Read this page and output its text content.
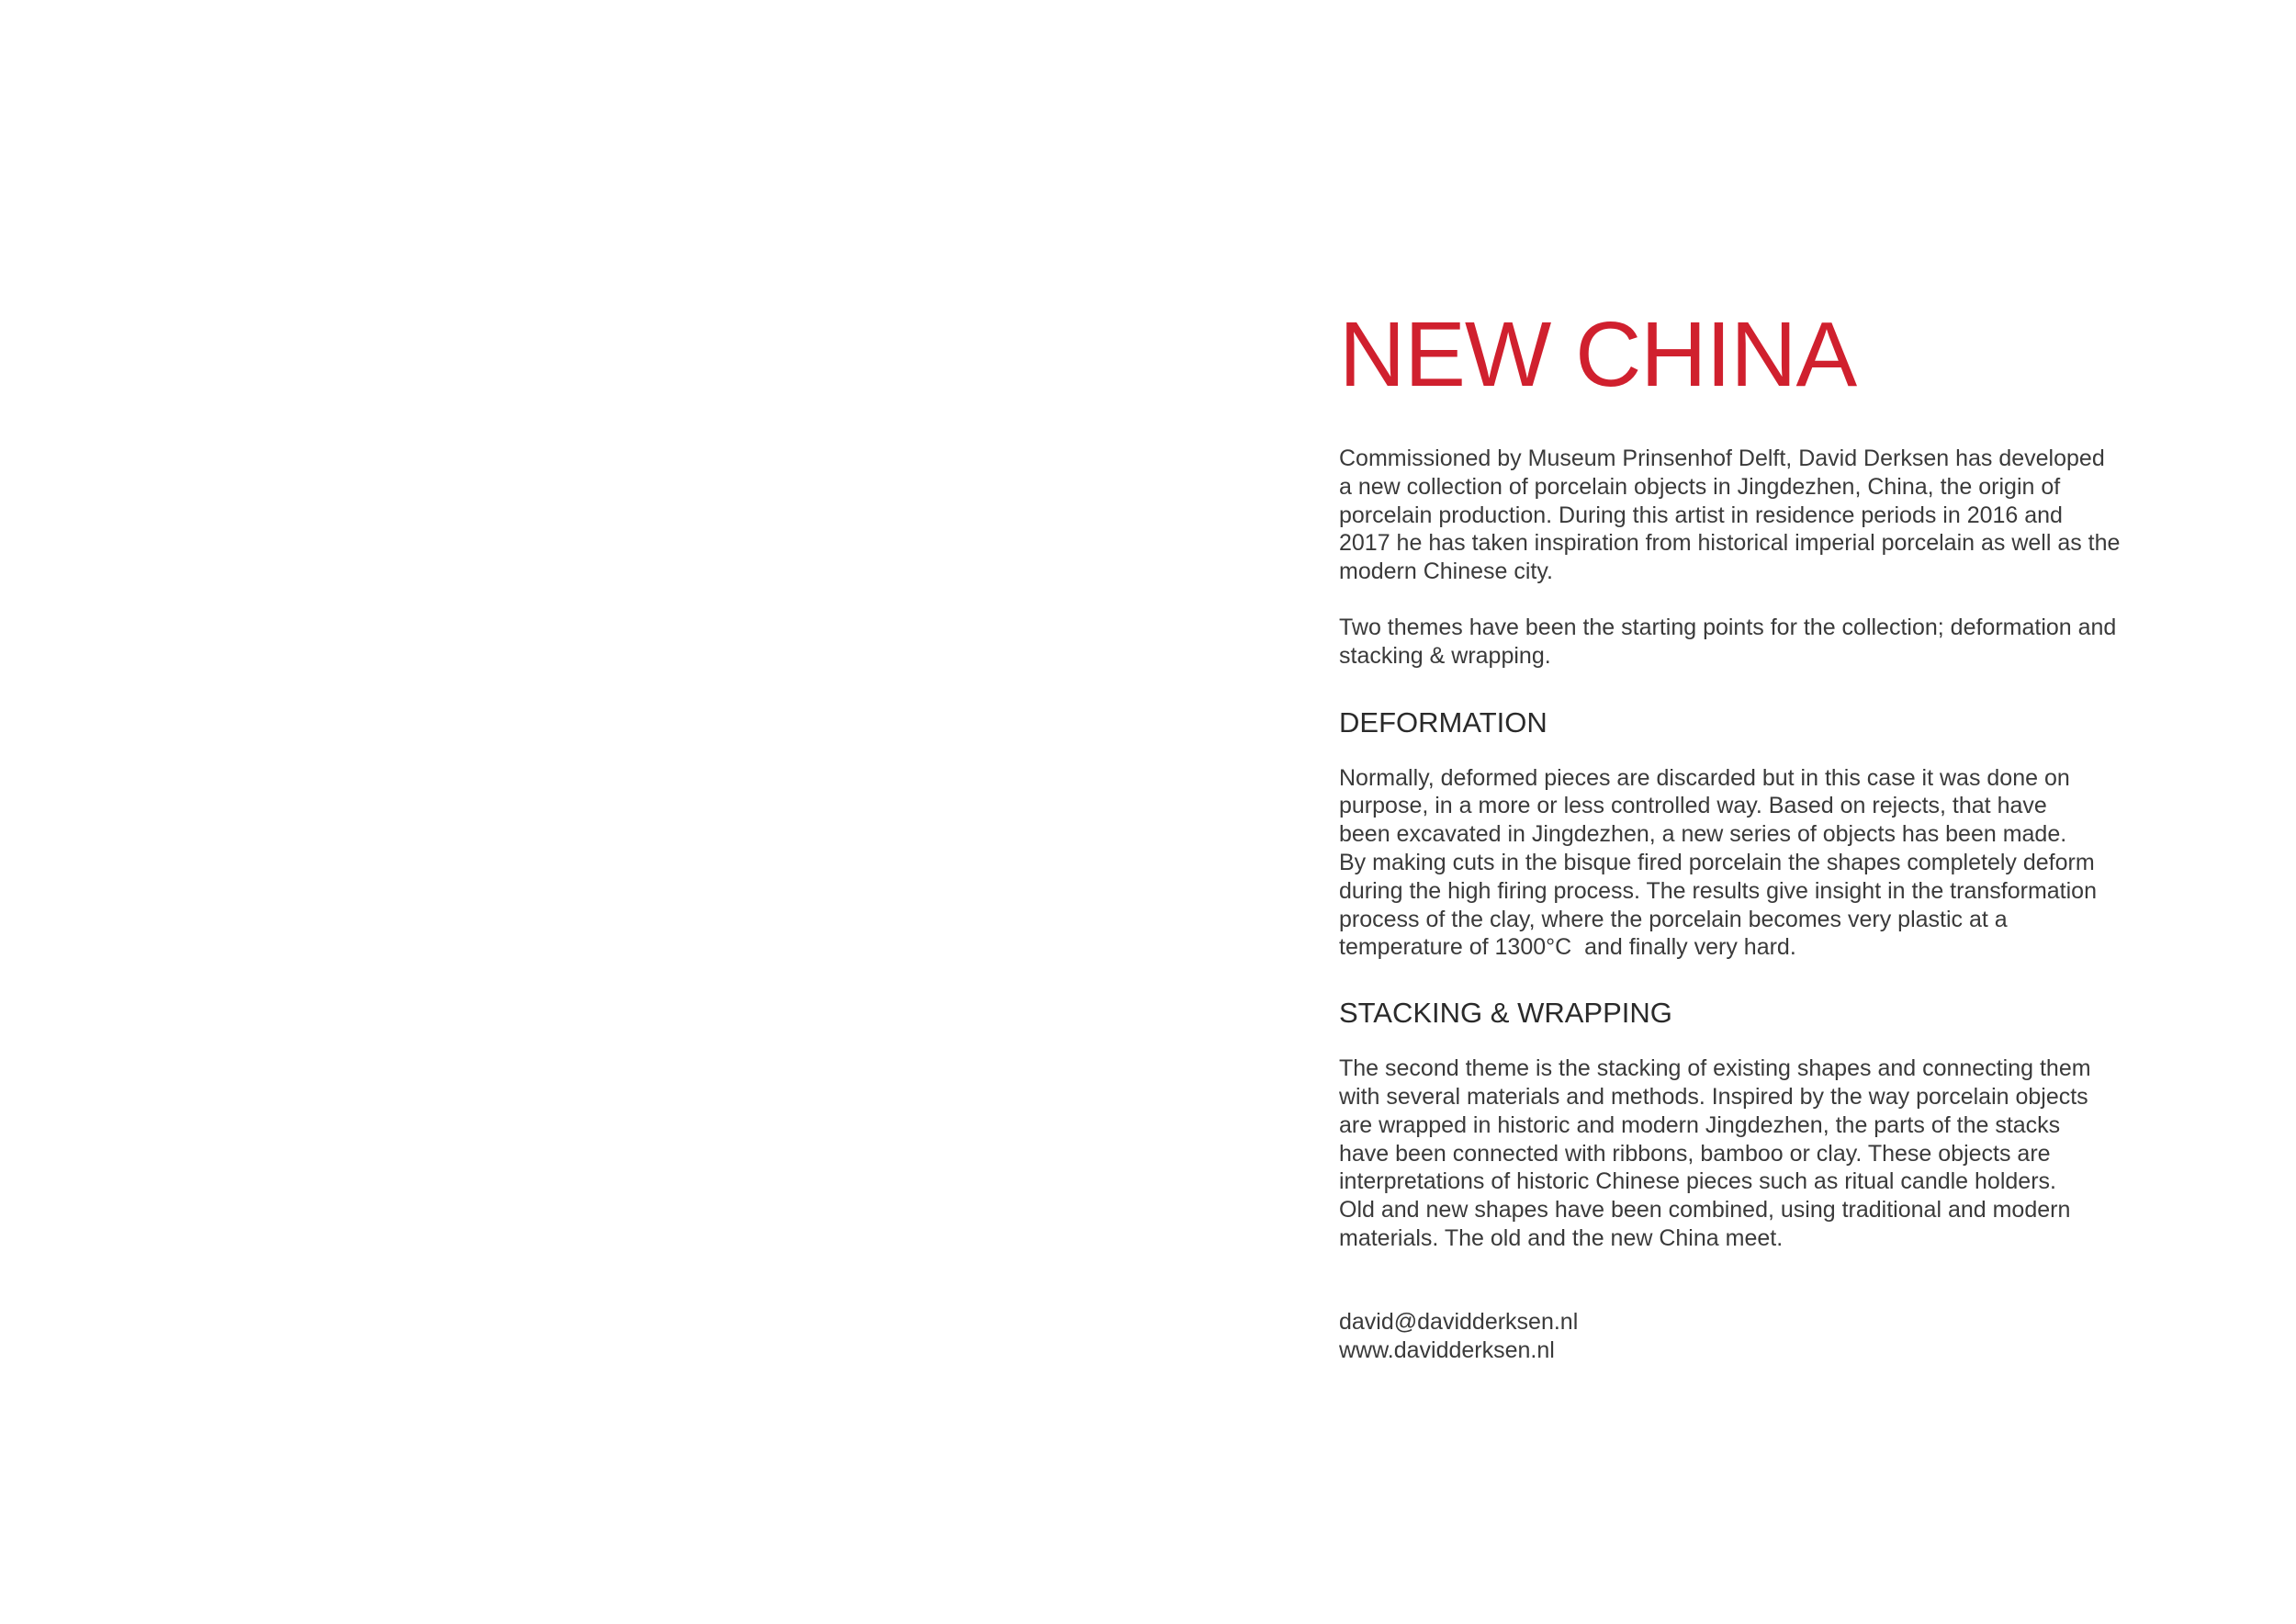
NEW CHINA

Commissioned by Museum Prinsenhof Delft, David Derksen has developed
a new collection of porcelain objects in Jingdezhen, China, the origin of
porcelain production. During this artist in residence periods in 2016 and
2017 he has taken inspiration from historical imperial porcelain as well as the
modern Chinese city.

Two themes have been the starting points for the collection; deformation and
stacking & wrapping.

DEFORMATION

Normally, deformed pieces are discarded but in this case it was done on
purpose, in a more or less controlled way. Based on rejects, that have
been excavated in Jingdezhen, a new series of objects has been made.
By making cuts in the bisque fired porcelain the shapes completely deform
during the high firing process. The results give insight in the transformation
process of the clay, where the porcelain becomes very plastic at a
temperature of 1300°C  and finally very hard.

STACKING & WRAPPING

The second theme is the stacking of existing shapes and connecting them
with several materials and methods. Inspired by the way porcelain objects
are wrapped in historic and modern Jingdezhen, the parts of the stacks
have been connected with ribbons, bamboo or clay. These objects are
interpretations of historic Chinese pieces such as ritual candle holders.
Old and new shapes have been combined, using traditional and modern
materials. The old and the new China meet.

david@davidderksen.nl
www.davidderksen.nl
